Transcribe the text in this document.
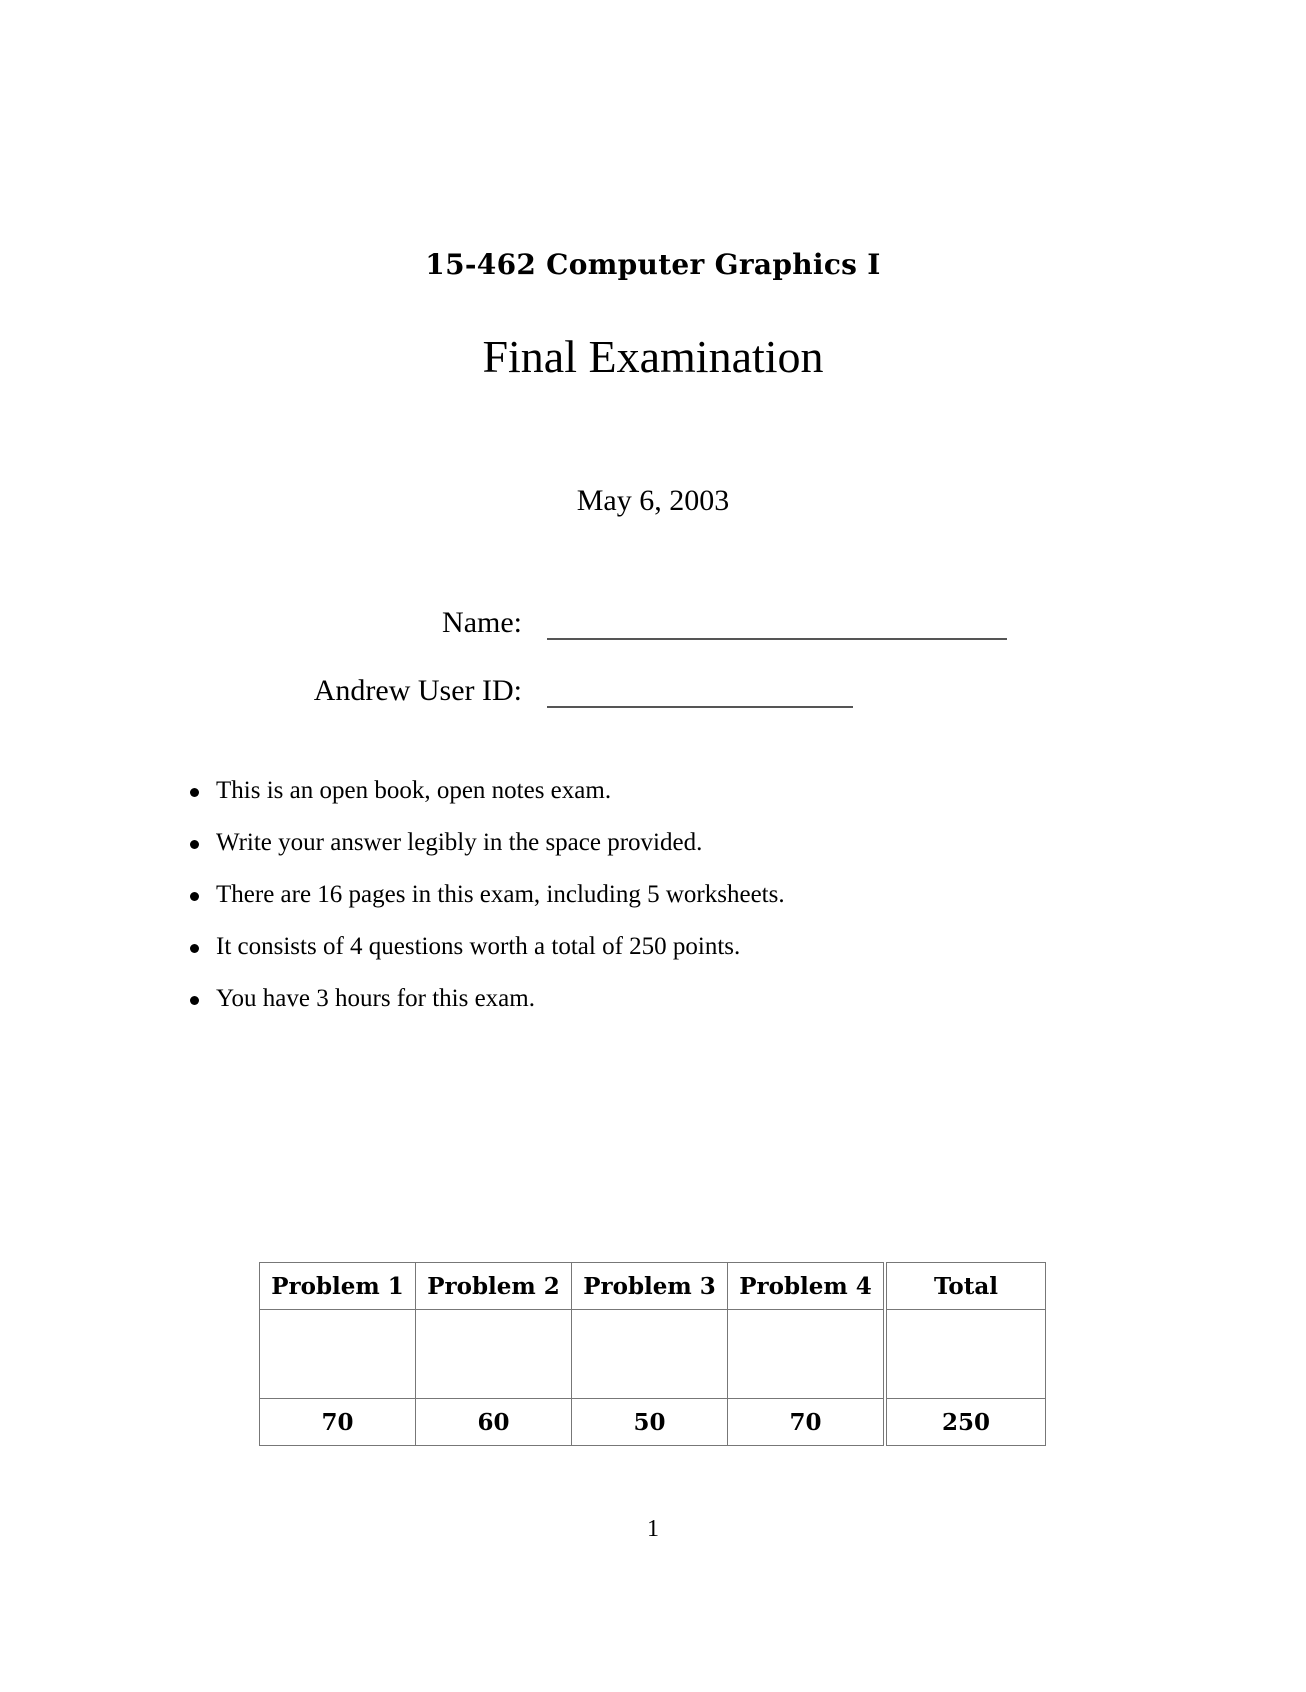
15-462 Computer Graphics I
Final Examination
May 6, 2003
Name:
Andrew User ID:
This is an open book, open notes exam.
Write your answer legibly in the space provided.
There are 16 pages in this exam, including 5 worksheets.
It consists of 4 questions worth a total of 250 points.
You have 3 hours for this exam.
Problem 1	Problem 2	Problem 3	Problem 4	Total

70	60	50	70	250
1
